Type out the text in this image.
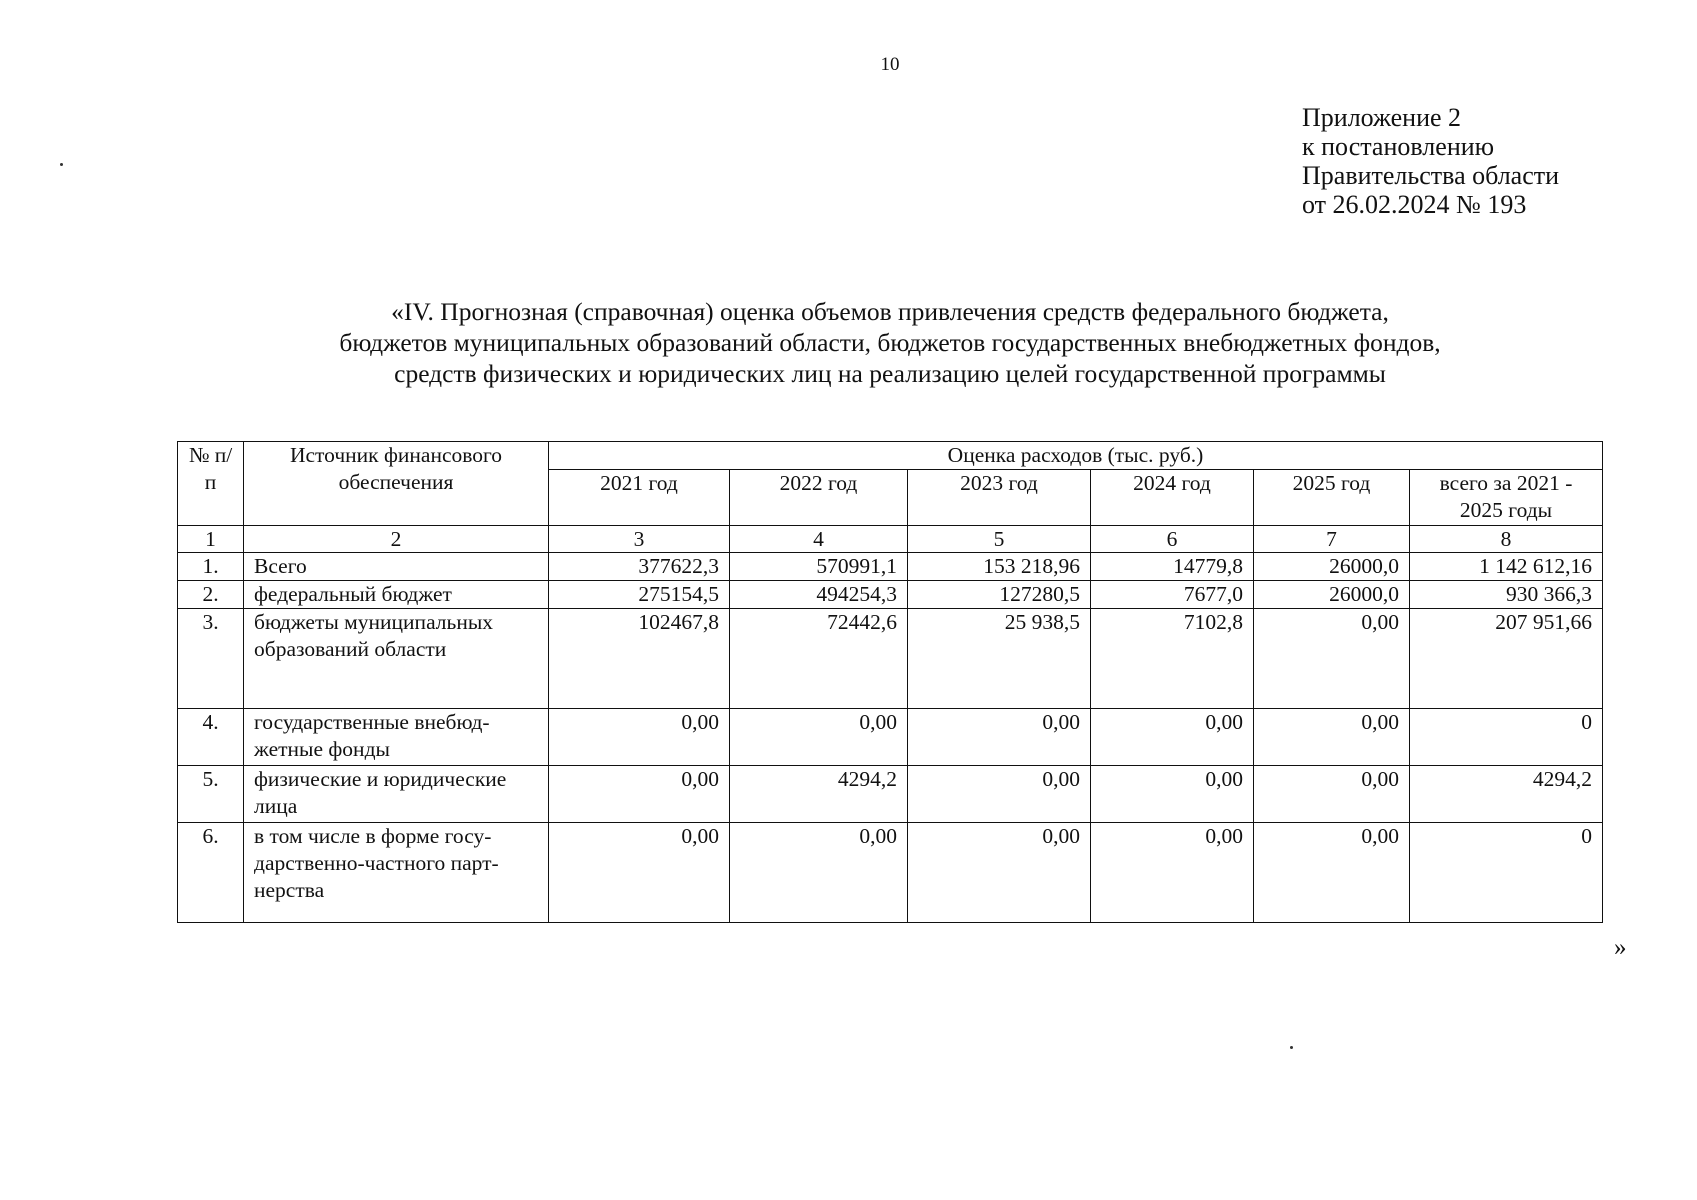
10
Приложение 2
к постановлению
Правительства области
от 26.02.2024 № 193
«IV. Прогнозная (справочная) оценка объемов привлечения средств федерального бюджета,
бюджетов муниципальных образований области, бюджетов государственных внебюджетных фондов,
средств физических и юридических лиц на реализацию целей государственной программы
№ п/п	Источник финансового обеспечения	Оценка расходов (тыс. руб.)					
		2021 год	2022 год	2023 год	2024 год	2025 год	всего за 2021 - 2025 годы
1	2	3	4	5	6	7	8
1.	Всего	377622,3	570991,1	153 218,96	14779,8	26000,0	1 142 612,16
2.	федеральный бюджет	275154,5	494254,3	127280,5	7677,0	26000,0	930 366,3
3.	бюджеты муниципальных образований области	102467,8	72442,6	25 938,5	7102,8	0,00	207 951,66
4.	государственные внебюд-жетные фонды	0,00	0,00	0,00	0,00	0,00	0
5.	физические и юридические лица	0,00	4294,2	0,00	0,00	0,00	4294,2
6.	в том числе в форме госу-дарственно-частного парт-нерства	0,00	0,00	0,00	0,00	0,00	0
»
